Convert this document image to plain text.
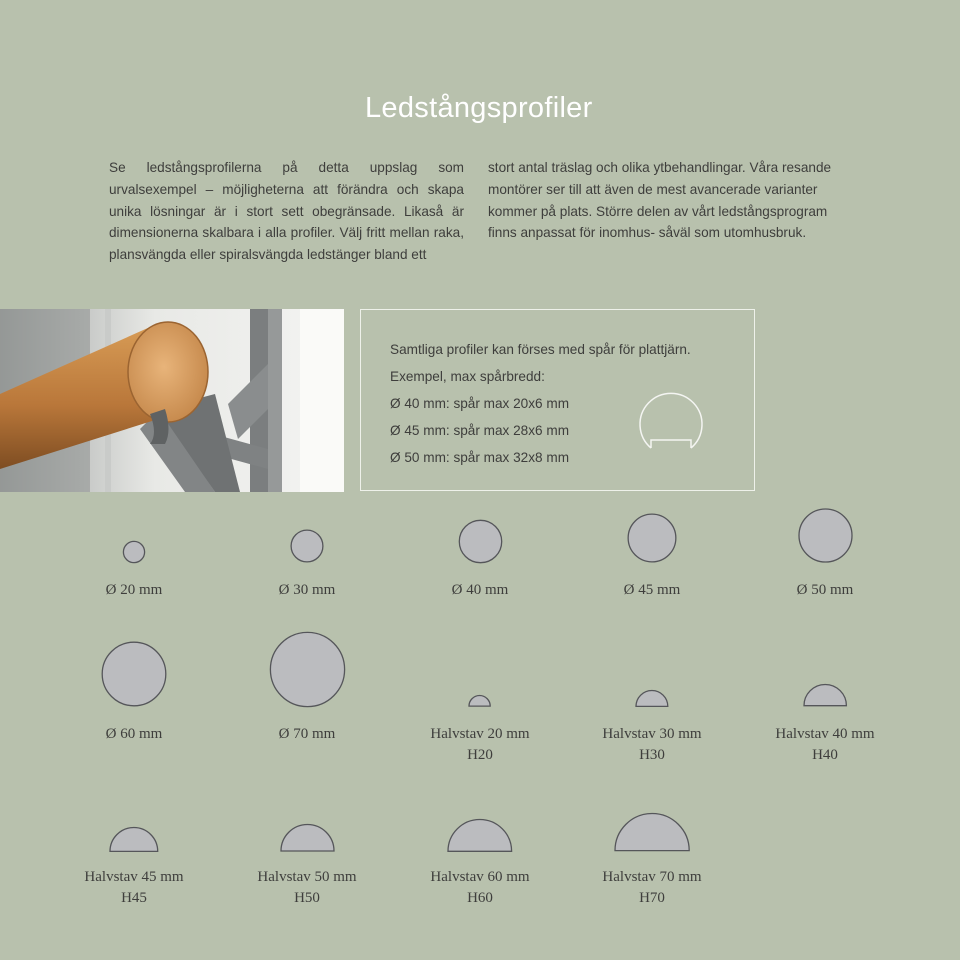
Ledstångsprofiler

Se ledstångsprofilerna på detta uppslag som urvalsexempel – möjligheterna att förändra och skapa unika lösningar är i stort sett obegränsade. Likaså är dimensionerna skalbara i alla profiler. Välj fritt mellan raka, plansvängda eller spiralsvängda ledstänger bland ett

stort antal träslag och olika ytbehandlingar. Våra resande montörer ser till att även de mest avancerade varianter kommer på plats. Större delen av vårt ledstångsprogram finns anpassat för inomhus- såväl som utomhusbruk.

Samtliga profiler kan förses med spår för plattjärn.

Exempel, max spårbredd:

Ø 40 mm: spår max 20x6 mm

Ø 45 mm: spår max 28x6 mm

Ø 50 mm: spår max 32x8 mm

Ø 20 mm	Ø 30 mm	Ø 40 mm	Ø 45 mm	Ø 50 mm
Ø 60 mm	Ø 70 mm	Halvstav 20 mm
H20
Halvstav 30 mm
H30
Halvstav 40 mm
H40
Halvstav 45 mm
H45
Halvstav 50 mm
H50
Halvstav 60 mm
H60
Halvstav 70 mm
H70
